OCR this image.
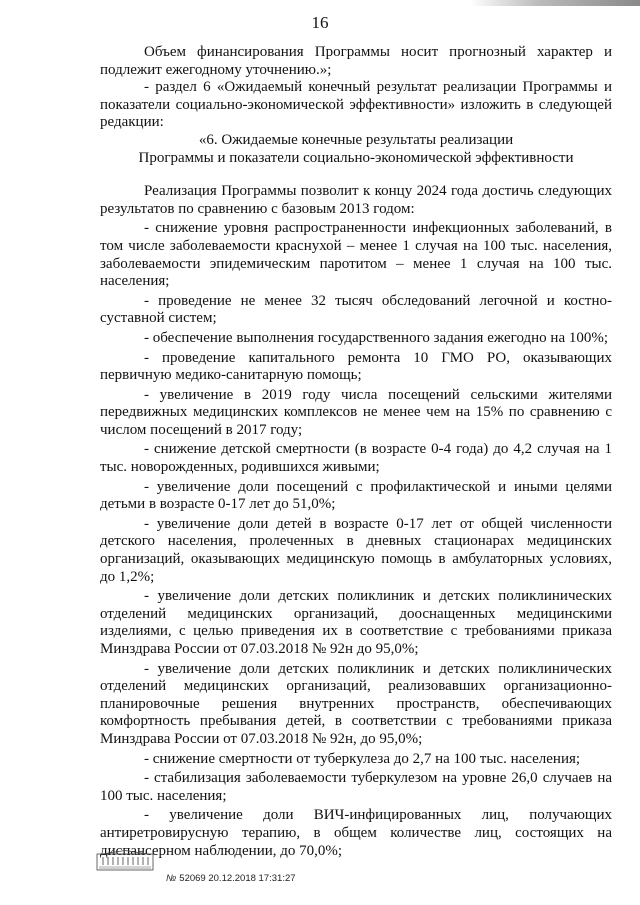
16

Объем финансирования Программы носит прогнозный характер и подлежит ежегодному уточнению.»;

- раздел 6 «Ожидаемый конечный результат реализации Программы и показатели социально-экономической эффективности» изложить в следующей редакции:

«6. Ожидаемые конечные результаты реализации

Программы и показатели социально-экономической эффективности

Реализация Программы позволит к концу 2024 года достичь следующих результатов по сравнению с базовым 2013 годом:

- снижение уровня распространенности инфекционных заболеваний, в том числе заболеваемости краснухой – менее 1 случая на 100 тыс. населения, заболеваемости эпидемическим паротитом – менее 1 случая на 100 тыс. населения;

- проведение не менее 32 тысяч обследований легочной и костно-суставной систем;

- обеспечение выполнения государственного задания ежегодно на 100%;

- проведение капитального ремонта 10 ГМО РО, оказывающих первичную медико-санитарную помощь;

- увеличение в 2019 году числа посещений сельскими жителями передвижных медицинских комплексов не менее чем на 15% по сравнению с числом посещений в 2017 году;

- снижение детской смертности (в возрасте 0-4 года) до 4,2 случая на 1 тыс. новорожденных, родившихся живыми;

- увеличение доли посещений с профилактической и иными целями детьми в возрасте 0-17 лет до 51,0%;

- увеличение доли детей в возрасте 0-17 лет от общей численности детского населения, пролеченных в дневных стационарах медицинских организаций, оказывающих медицинскую помощь в амбулаторных условиях, до 1,2%;

- увеличение доли детских поликлиник и детских поликлинических отделений медицинских организаций, дооснащенных медицинскими изделиями, с целью приведения их в соответствие с требованиями приказа Минздрава России от 07.03.2018 № 92н до 95,0%;

- увеличение доли детских поликлиник и детских поликлинических отделений медицинских организаций, реализовавших организационно-планировочные решения внутренних пространств, обеспечивающих комфортность пребывания детей, в соответствии с требованиями приказа Минздрава России от 07.03.2018 № 92н, до 95,0%;

- снижение смертности от туберкулеза до 2,7 на 100 тыс. населения;

- стабилизация заболеваемости туберкулезом на уровне 26,0 случаев на 100 тыс. населения;

- увеличение доли ВИЧ-инфицированных лиц, получающих антиретровирусную терапию, в общем количестве лиц, состоящих на диспансерном наблюдении, до 70,0%;

№ 52069 20.12.2018 17:31:27
